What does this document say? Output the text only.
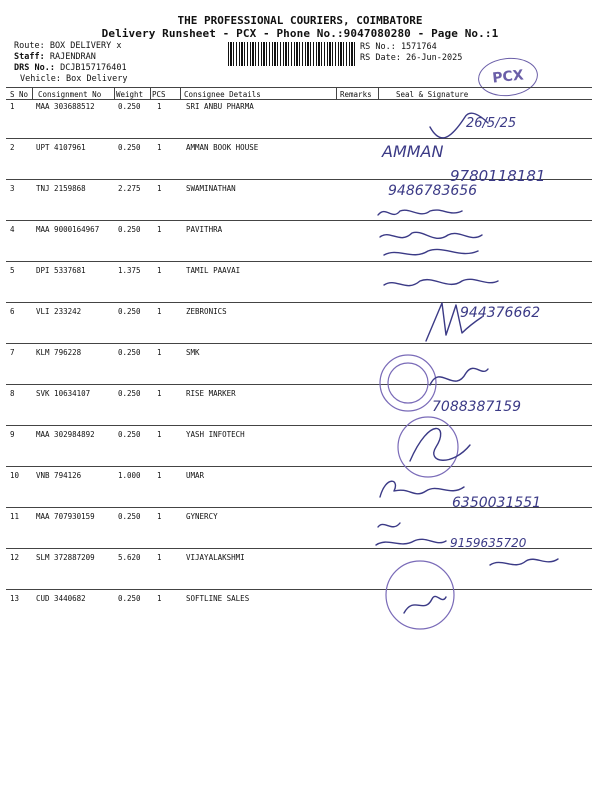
THE PROFESSIONAL COURIERS, COIMBATORE
Delivery Runsheet - PCX - Phone No.:9047080280 - Page No.:1
Route: BOX DELIVERY x
Staff: RAJENDRAN
DRS No.: DCJB157176401
Vehicle: Box Delivery
RS No.: 1571764
RS Date: 26-Jun-2025
PCX
S No Consignment No Weight PCS Consignee Details	Remarks	Seal & Signature
1	MAA 303688512	0.250 1	SRI ANBU PHARMA
2	UPT 4107961	0.250 1	AMMAN BOOK HOUSE
3	TNJ 2159868	2.275 1	SWAMINATHAN
4	MAA 9000164967	0.250 1	PAVITHRA
5	DPI 5337681	1.375 1	TAMIL PAAVAI
6	VLI 233242	0.250 1	ZEBRONICS
7	KLM 796228	0.250 1	SMK
8	SVK 10634107	0.250 1	RISE MARKER
9	MAA 302984892	0.250 1	YASH INFOTECH
10 VNB 794126	1.000 1	UMAR
11 MAA 707930159	0.250 1	GYNERCY
12 SLM 372887209	5.620 1	VIJAYALAKSHMI
13 CUD 3440682	0.250 1	SOFTLINE SALES
26/5/25
AMMAN
9780118181
9486783656
944376662
7088387159
6350031551
9159635720
